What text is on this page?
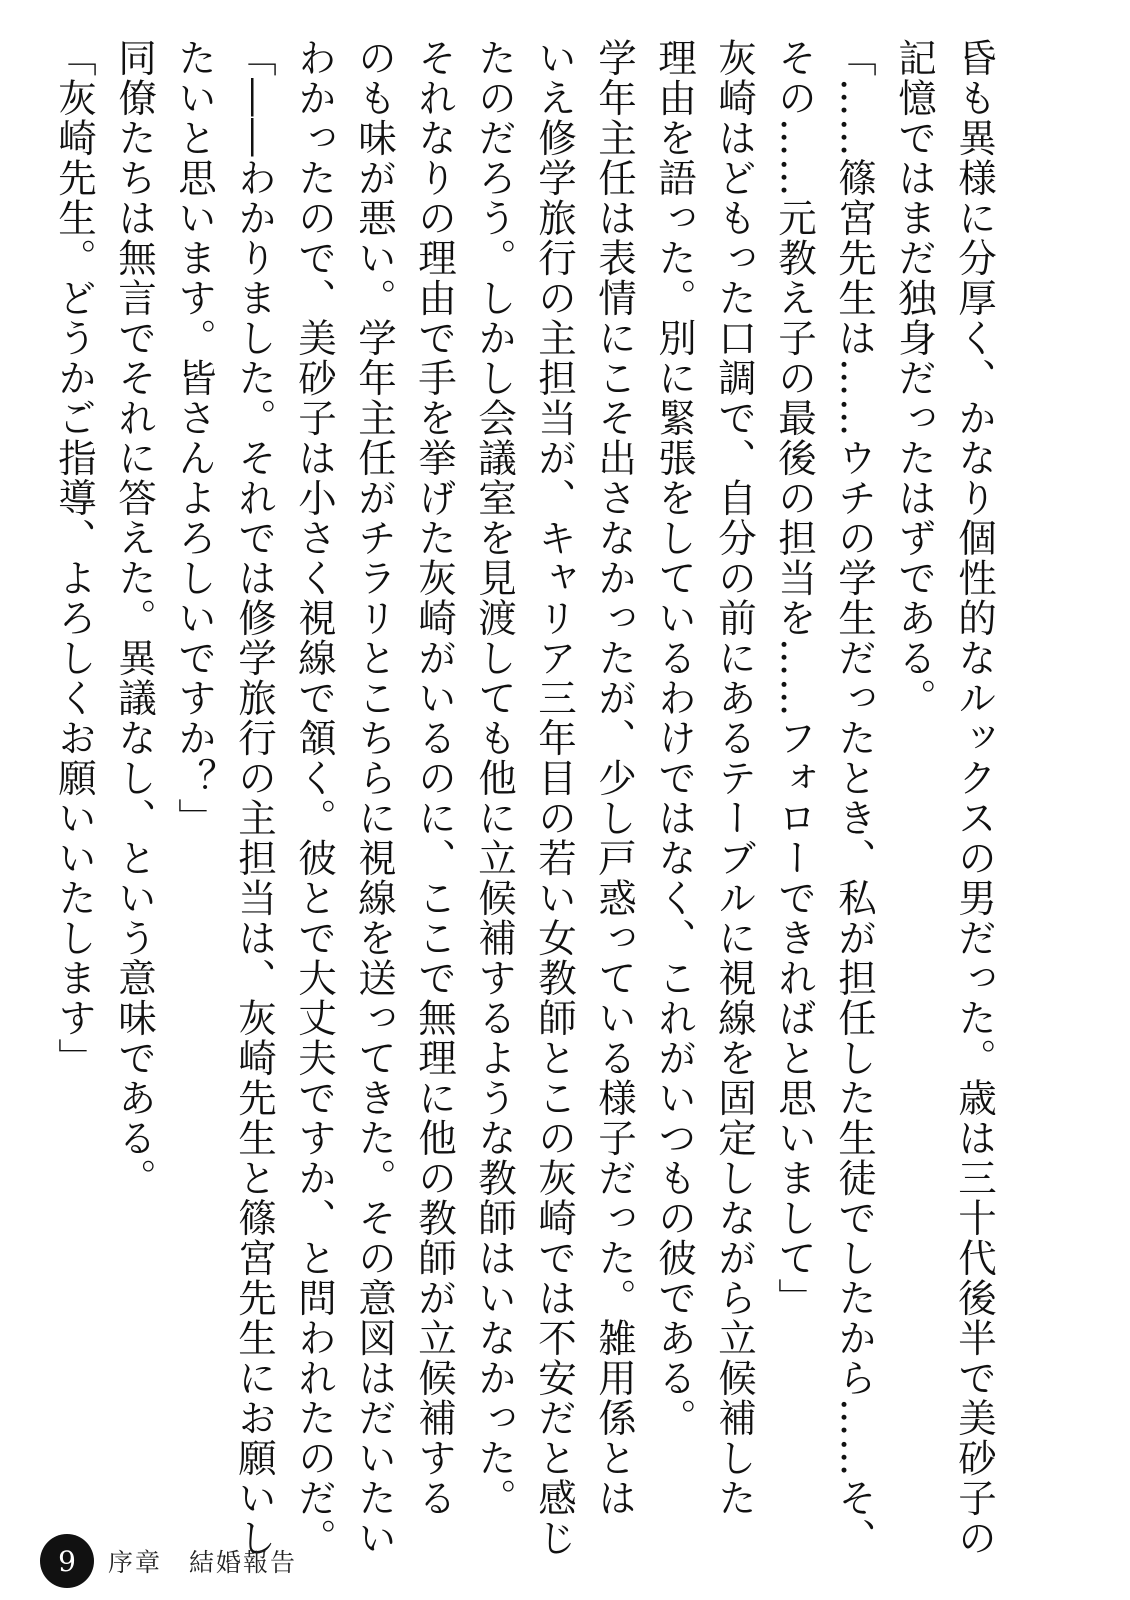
昏も異様に分厚く、かなり個性的なルックスの男だった。歳は三十代後半で美砂子の

記憶ではまだ独身だったはずである。

「……篠宮先生は……ウチの学生だったとき、私が担任した生徒でしたから……そ、

その……元教え子の最後の担当を……フォローできればと思いまして」

灰崎はどもった口調で、自分の前にあるテーブルに視線を固定しながら立候補した

理由を語った。別に緊張をしているわけではなく、これがいつもの彼である。

学年主任は表情にこそ出さなかったが、少し戸惑っている様子だった。雑用係とは

いえ修学旅行の主担当が、キャリア三年目の若い女教師とこの灰崎では不安だと感じ

たのだろう。しかし会議室を見渡しても他に立候補するような教師はいなかった。

それなりの理由で手を挙げた灰崎がいるのに、ここで無理に他の教師が立候補する

のも味が悪い。学年主任がチラリとこちらに視線を送ってきた。その意図はだいたい

わかったので、美砂子は小さく視線で頷く。彼とで大丈夫ですか、と問われたのだ。

「――わかりました。それでは修学旅行の主担当は、灰崎先生と篠宮先生にお願いし

たいと思います。皆さんよろしいですか？」

同僚たちは無言でそれに答えた。異議なし、という意味である。

「灰崎先生。どうかご指導、よろしくお願いいたします」

9	序章　結婚報告
